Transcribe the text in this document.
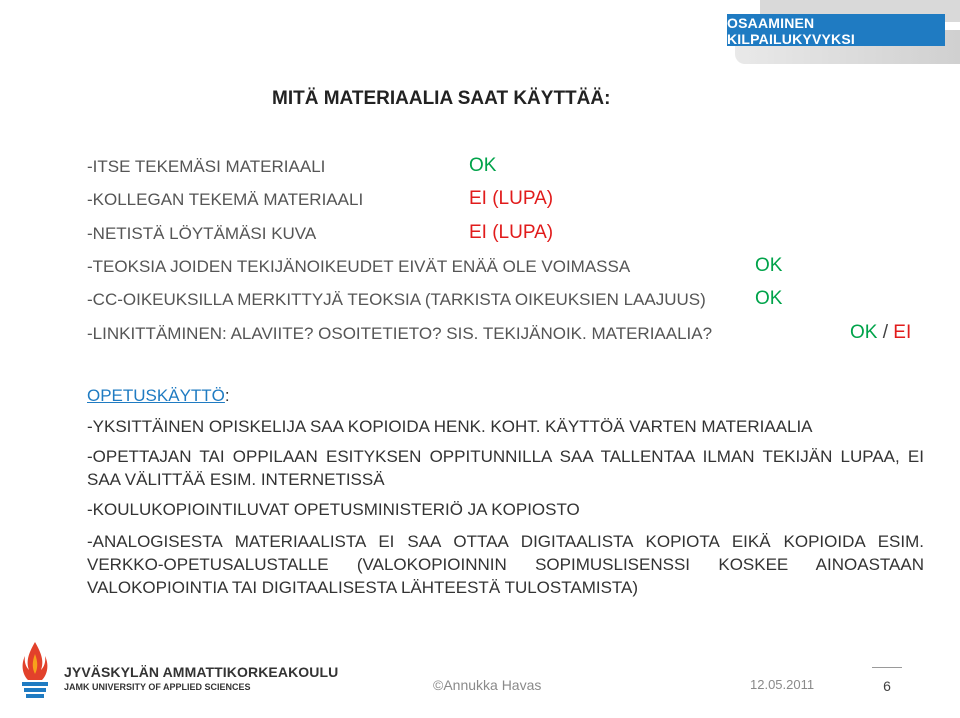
OSAAMINEN KILPAILUKYVYKSI
MITÄ MATERIAALIA SAAT KÄYTTÄÄ:
-ITSE TEKEMÄSI MATERIAALI	OK
-KOLLEGAN TEKEMÄ MATERIAALI	EI (LUPA)
-NETISTÄ LÖYTÄMÄSI KUVA	EI (LUPA)
-TEOKSIA JOIDEN TEKIJÄNOIKEUDET EIVÄT ENÄÄ OLE VOIMASSA	OK
-CC-OIKEUKSILLA MERKITTYJÄ TEOKSIA (TARKISTA OIKEUKSIEN LAAJUUS)	OK
-LINKITTÄMINEN: ALAVIITE? OSOITETIETO? SIS. TEKIJÄNOIK. MATERIAALIA?	OK / EI
OPETUSKÄYTTÖ:
-YKSITTÄINEN OPISKELIJA SAA KOPIOIDA HENK. KOHT. KÄYTTÖÄ VARTEN MATERIAALIA
-OPETTAJAN TAI OPPILAAN ESITYKSEN OPPITUNNILLA SAA TALLENTAA ILMAN TEKIJÄN LUPAA, EI SAA VÄLITTÄÄ ESIM. INTERNETISSÄ
-KOULUKOPIOINTILUVAT OPETUSMINISTERIÖ JA KOPIOSTO
-ANALOGISESTA MATERIAALISTA EI SAA OTTAA DIGITAALISTA KOPIOTA EIKÄ KOPIOIDA ESIM. VERKKO-OPETUSALUSTALLE (VALOKOPIOINNIN SOPIMUSLISENSSI KOSKEE AINOASTAAN VALOKOPIOINTIA TAI DIGITAALISESTA LÄHTEESTÄ TULOSTAMISTA)
JYVÄSKYLÄN AMMATTIKORKEAKOULU
JAMK UNIVERSITY OF APPLIED SCIENCES	©Annukka Havas	12.05.2011	6
